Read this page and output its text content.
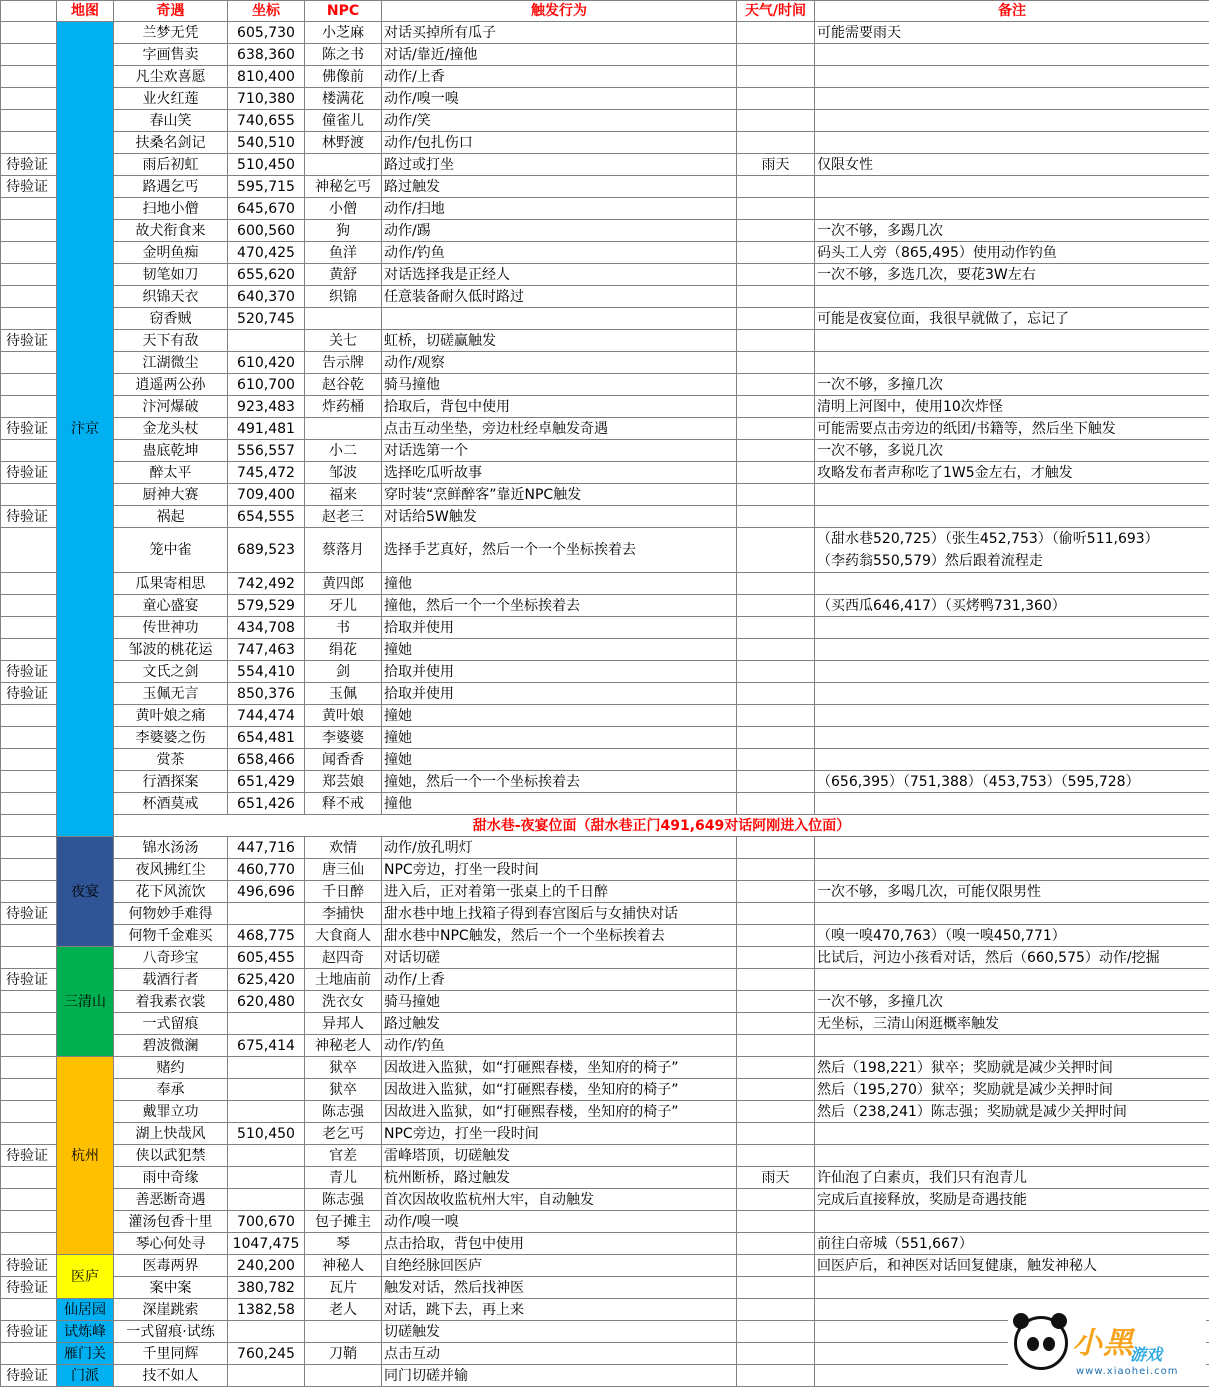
	地图	奇遇	坐标	NPC	触发行为	天气/时间	备注
	汴京	兰梦无凭	605,730	小芝麻	对话买掉所有瓜子		可能需要雨天
		字画售卖	638,360	陈之书	对话/靠近/撞他		
		凡尘欢喜愿	810,400	佛像前	动作/上香		
		业火红莲	710,380	楼满花	动作/嗅一嗅		
		春山笑	740,655	僮雀儿	动作/笑		
		扶桑名剑记	540,510	林野渡	动作/包扎伤口		
待验证		雨后初虹	510,450		路过或打坐	雨天	仅限女性
待验证		路遇乞丐	595,715	神秘乞丐	路过触发		
		扫地小僧	645,670	小僧	动作/扫地		
		故犬衔食来	600,560	狗	动作/踢		一次不够，多踢几次
		金明鱼痴	470,425	鱼洋	动作/钓鱼		码头工人旁（865,495）使用动作钓鱼
		韧笔如刀	655,620	黄舒	对话选择我是正经人		一次不够，多选几次，要花3W左右
		织锦天衣	640,370	织锦	任意装备耐久低时路过		
		窃香贼	520,745				可能是夜宴位面，我很早就做了，忘记了
待验证		天下有敌		关七	虹桥，切磋赢触发		
		江湖微尘	610,420	告示牌	动作/观察		
		逍遥两公孙	610,700	赵谷乾	骑马撞他		一次不够，多撞几次
		汴河爆破	923,483	炸药桶	拾取后，背包中使用		清明上河图中，使用10次炸怪
待验证		金龙头杖	491,481		点击互动坐垫，旁边杜经卓触发奇遇		可能需要点击旁边的纸团/书籍等，然后坐下触发
		蛊底乾坤	556,557	小二	对话选第一个		一次不够，多说几次
待验证		醉太平	745,472	邹波	选择吃瓜听故事		攻略发布者声称吃了1W5金左右，才触发
		厨神大赛	709,400	福来	穿时装“烹鲜醉客”靠近NPC触发		
待验证		祸起	654,555	赵老三	对话给5W触发		
		笼中雀	689,523	蔡落月	选择手艺真好，然后一个一个坐标挨着去		（甜水巷520,725）（张生452,753）（偷听511,693）
（李药翁550,579）然后跟着流程走

		瓜果寄相思	742,492	黄四郎	撞他		
		童心盛宴	579,529	牙儿	撞他，然后一个一个坐标挨着去		（买西瓜646,417）（买烤鸭731,360）
		传世神功	434,708	书	拾取并使用		
		邹波的桃花运	747,463	绢花	撞她		
待验证		文氏之剑	554,410	剑	拾取并使用		
待验证		玉佩无言	850,376	玉佩	拾取并使用		
		黄叶娘之痛	744,474	黄叶娘	撞她		
		李婆婆之伤	654,481	李婆婆	撞她		
		赏茶	658,466	闻香香	撞她		
		行酒探案	651,429	郑芸娘	撞她，然后一个一个坐标挨着去		（656,395）（751,388）（453,753）（595,728）
		杯酒莫戒	651,426	释不戒	撞他		
		甜水巷-夜宴位面（甜水巷正门491,649对话阿刚进入位面）					
	夜宴	锦水汤汤	447,716	欢情	动作/放孔明灯		
		夜风拂红尘	460,770	唐三仙	NPC旁边，打坐一段时间		
		花下风流饮	496,696	千日醉	进入后，正对着第一张桌上的千日醉		一次不够，多喝几次，可能仅限男性
待验证		何物妙手难得		李捕快	甜水巷中地上找箱子得到春宫图后与女捕快对话		
		何物千金难买	468,775	大食商人	甜水巷中NPC触发，然后一个一个坐标挨着去		（嗅一嗅470,763）（嗅一嗅450,771）
	三清山	八奇珍宝	605,455	赵四奇	对话切磋		比试后，河边小孩看对话，然后（660,575）动作/挖掘
待验证		载酒行者	625,420	土地庙前	动作/上香		
		着我素衣裳	620,480	洗衣女	骑马撞她		一次不够，多撞几次
		一式留痕		异邦人	路过触发		无坐标，三清山闲逛概率触发
		碧波微澜	675,414	神秘老人	动作/钓鱼		
	杭州	赌约		狱卒	因故进入监狱，如“打砸熙春楼，坐知府的椅子”		然后（198,221）狱卒；奖励就是减少关押时间
		奉承		狱卒	因故进入监狱，如“打砸熙春楼，坐知府的椅子”		然后（195,270）狱卒；奖励就是减少关押时间
		戴罪立功		陈志强	因故进入监狱，如“打砸熙春楼，坐知府的椅子”		然后（238,241）陈志强；奖励就是减少关押时间
		湖上快哉风	510,450	老乞丐	NPC旁边，打坐一段时间		
待验证		侠以武犯禁		官差	雷峰塔顶，切磋触发		
		雨中奇缘		青儿	杭州断桥，路过触发	雨天	许仙泡了白素贞，我们只有泡青儿
		善恶断奇遇		陈志强	首次因故收监杭州大牢，自动触发		完成后直接释放，奖励是奇遇技能
		灌汤包香十里	700,670	包子摊主	动作/嗅一嗅		
		琴心何处寻	1047,475	琴	点击拾取，背包中使用		前往白帝城（551,667）
待验证	医庐	医毒两界	240,200	神秘人	自绝经脉回医庐		回医庐后，和神医对话回复健康，触发神秘人
待验证		案中案	380,782	瓦片	触发对话，然后找神医		
	仙居园	深崖跳索	1382,58	老人	对话，跳下去，再上来		
待验证	试炼峰	一式留痕·试练			切磋触发		
	雁门关	千里同辉	760,245	刀鞘	点击互动		
待验证	门派	技不如人			同门切磋并输		
小黑
游戏
www.xiaohei.com
